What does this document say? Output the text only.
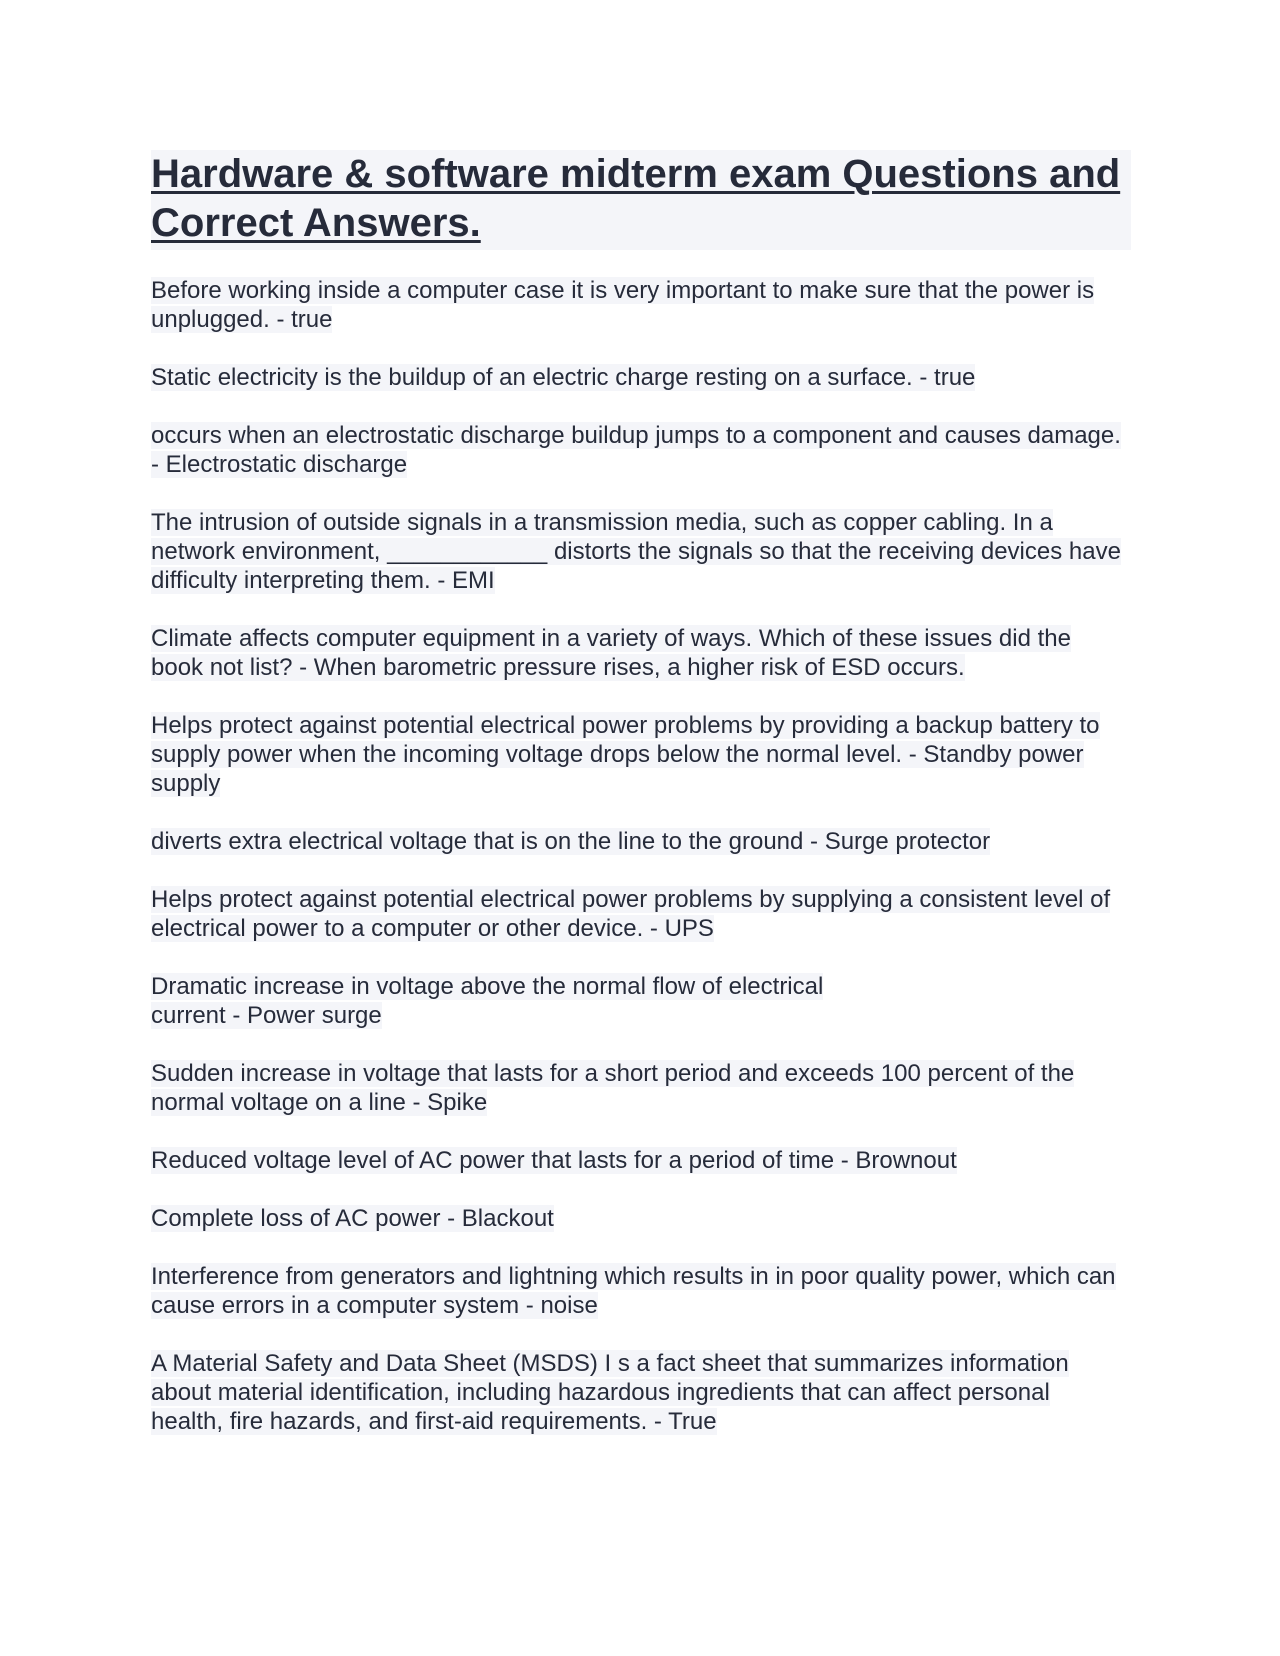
Hardware & software midterm exam Questions and Correct Answers.

Before working inside a computer case it is very important to make sure that the power is unplugged. - true

Static electricity is the buildup of an electric charge resting on a surface. - true

occurs when an electrostatic discharge buildup jumps to a component and causes damage. - Electrostatic discharge

The intrusion of outside signals in a transmission media, such as copper cabling. In a network environment, ____________ distorts the signals so that the receiving devices have difficulty interpreting them. - EMI

Climate affects computer equipment in a variety of ways. Which of these issues did the book not list? - When barometric pressure rises, a higher risk of ESD occurs.

Helps protect against potential electrical power problems by providing a backup battery to supply power when the incoming voltage drops below the normal level. - Standby power supply

diverts extra electrical voltage that is on the line to the ground - Surge protector

Helps protect against potential electrical power problems by supplying a consistent level of electrical power to a computer or other device. - UPS

Dramatic increase in voltage above the normal flow of electrical
current - Power surge

Sudden increase in voltage that lasts for a short period and exceeds 100 percent of the normal voltage on a line - Spike

Reduced voltage level of AC power that lasts for a period of time - Brownout

Complete loss of AC power - Blackout

Interference from generators and lightning which results in in poor quality power, which can cause errors in a computer system - noise

A Material Safety and Data Sheet (MSDS) I s a fact sheet that summarizes information about material identification, including hazardous ingredients that can affect personal health, fire hazards, and first-aid requirements. - True
